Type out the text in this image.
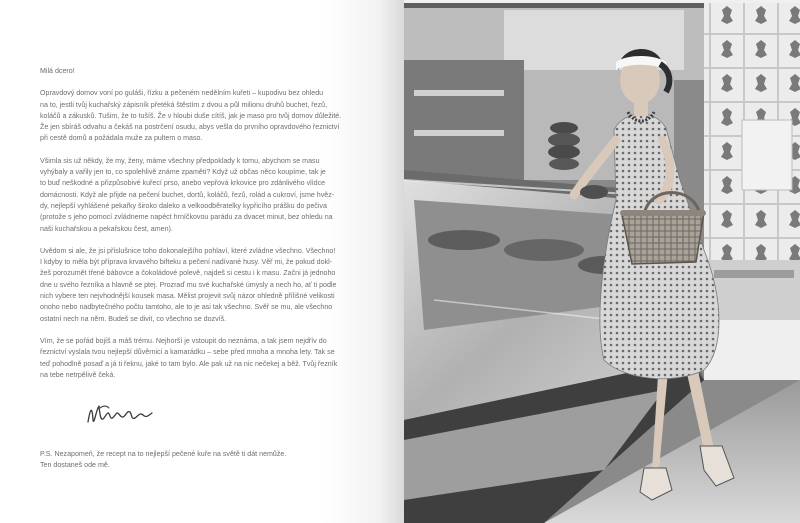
Milá dcero!

Opravdový domov voní po guláši, řízku a pečeném nedělním kuřeti – kupodivu bez ohledu
na to, jestli tvůj kuchařský zápisník přetéká štěstím z dvou a půl milionu druhů buchet, řezů,
koláčů a zákusků. Tušim, že to tušíš. Že v hloubi duše cítíš, jak je maso pro tvůj domov důležité.
Že jen sbíráš odvahu a čekáš na postrčení osudu, abys vešla do prvního opravdového řeznictví
při cestě domů a požádala muže za pultem o maso.

Všimla sis už někdy, že my, ženy, máme všechny předpoklady k tomu, abychom se masu
vyhýbaly a vařily jen to, co spolehlivě známe zpaměti? Když už občas něco koupíme, tak je
to buď neškodné a přizpůsobivé kuřecí prso, anebo vepřová krkovice pro zdánlivého vlídce
domácnosti. Když ale přijde na pečení buchet, dortů, koláčů, řezů, rolád a cukroví, jsme hvěz-
dy, nejlepší vyhlášené pekařky široko daleko a velkoodběratelky kypřicího prášku do pečiva
(protože s jeho pomocí zvládneme napéct hrníčkovou parádu za dvacet minut, bez ohledu na
naši kuchařskou a pekařskou čest, amen).

Uvědom si ale, že jsi příslušnice toho dokonalejšího pohlaví, které zvládne všechno. Všechno!
I kdyby to měla být příprava krvavého bifteku a pečení nadívané husy. Věř mi, že pokud dokl-
žeš porozumět třené bábovce a čokoládové polevě, najdeš si cestu i k masu. Začni já jednoho
dne u svého řezníka a hlavně se ptej. Prozraď mu své kuchařské úmysly a nech ho, ať ti podle
nich vybere ten nejvhodnější kousek masa. Mělist projevit svůj názor ohledně přílišné velikosti
onoho nebo nadbytečného počtu tamtoho, ale to je asi tak všechno. Svěř se mu, ale všechno
ostatní nech na něm. Budeš se divit, co všechno se dozvíš.

Vím, že se pořád bojíš a máš trému. Nejhorší je vstoupit do neznáma, a tak jsem nejdřív do
řeznictví vyslala tvou nejlepší důvěrnici a kamarádku – sebe před mnoha a mnoha lety. Tak se
teď pohodlně posaď a já ti řeknu, jaké to tam bylo. Ale pak už na nic nečekej a běž. Tvůj řezník
na tebe netrpělivě čeká.

P.S. Nezapomeň, že recept na to nejlepší pečené kuře na světě ti dát nemůže.

Ten dostaneš ode mě.
